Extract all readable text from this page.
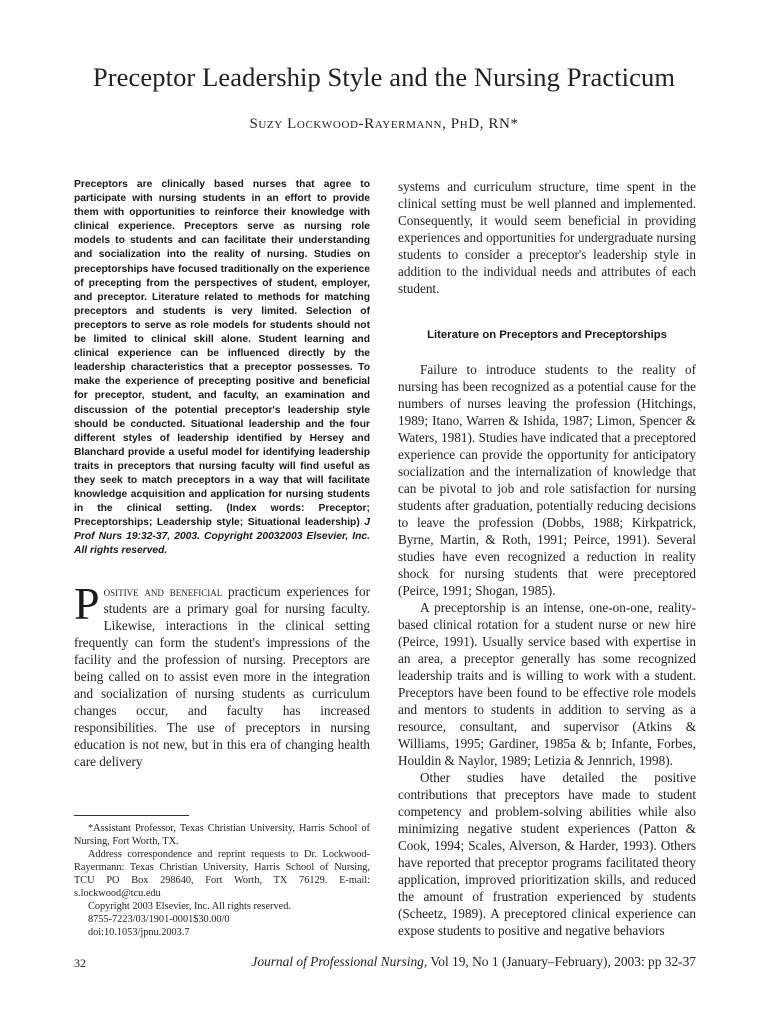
Preceptor Leadership Style and the Nursing Practicum
Suzy Lockwood-Rayermann, PhD, RN*

Preceptors are clinically based nurses that agree to participate with nursing students in an effort to provide them with opportunities to reinforce their knowledge with clinical experience. Preceptors serve as nursing role models to students and can facilitate their understanding and socialization into the reality of nursing. Studies on preceptorships have focused traditionally on the experience of precepting from the perspectives of student, employer, and preceptor. Literature related to methods for matching preceptors and students is very limited. Selection of preceptors to serve as role models for students should not be limited to clinical skill alone. Student learning and clinical experience can be influenced directly by the leadership characteristics that a preceptor possesses. To make the experience of precepting positive and beneficial for preceptor, student, and faculty, an examination and discussion of the potential preceptor's leadership style should be conducted. Situational leadership and the four different styles of leadership identified by Hersey and Blanchard provide a useful model for identifying leadership traits in preceptors that nursing faculty will find useful as they seek to match preceptors in a way that will facilitate knowledge acquisition and application for nursing students in the clinical setting. (Index words: Preceptor; Preceptorships; Leadership style; Situational leadership) J Prof Nurs 19:32-37, 2003. Copyright 20032003 Elsevier, Inc. All rights reserved.

Positive and beneficial practicum experiences for students are a primary goal for nursing faculty. Likewise, interactions in the clinical setting frequently can form the student's impressions of the facility and the profession of nursing. Preceptors are being called on to assist even more in the integration and socialization of nursing students as curriculum changes occur, and faculty has increased responsibilities. The use of preceptors in nursing education is not new, but in this era of changing health care delivery

systems and curriculum structure, time spent in the clinical setting must be well planned and implemented. Consequently, it would seem beneficial in providing experiences and opportunities for undergraduate nursing students to consider a preceptor's leadership style in addition to the individual needs and attributes of each student.

Literature on Preceptors and Preceptorships

Failure to introduce students to the reality of nursing has been recognized as a potential cause for the numbers of nurses leaving the profession (Hitchings, 1989; Itano, Warren & Ishida, 1987; Limon, Spencer & Waters, 1981). Studies have indicated that a preceptored experience can provide the opportunity for anticipatory socialization and the internalization of knowledge that can be pivotal to job and role satisfaction for nursing students after graduation, potentially reducing decisions to leave the profession (Dobbs, 1988; Kirkpatrick, Byrne, Martin, & Roth, 1991; Peirce, 1991). Several studies have even recognized a reduction in reality shock for nursing students that were preceptored (Peirce, 1991; Shogan, 1985).

A preceptorship is an intense, one-on-one, reality-based clinical rotation for a student nurse or new hire (Peirce, 1991). Usually service based with expertise in an area, a preceptor generally has some recognized leadership traits and is willing to work with a student. Preceptors have been found to be effective role models and mentors to students in addition to serving as a resource, consultant, and supervisor (Atkins & Williams, 1995; Gardiner, 1985a & b; Infante, Forbes, Houldin & Naylor, 1989; Letizia & Jennrich, 1998).

Other studies have detailed the positive contributions that preceptors have made to student competency and problem-solving abilities while also minimizing negative student experiences (Patton & Cook, 1994; Scales, Alverson, & Harder, 1993). Others have reported that preceptor programs facilitated theory application, improved prioritization skills, and reduced the amount of frustration experienced by students (Scheetz, 1989). A preceptored clinical experience can expose students to positive and negative behaviors

*Assistant Professor, Texas Christian University, Harris School of Nursing, Fort Worth, TX.

Address correspondence and reprint requests to Dr. Lockwood-Rayermann: Texas Christian University, Harris School of Nursing, TCU PO Box 298640, Fort Worth, TX 76129. E-mail: s.lockwood@tcu.edu

Copyright 2003 Elsevier, Inc. All rights reserved.

8755-7223/03/1901-0001$30.00/0

doi:10.1053/jpnu.2003.7

32	Journal of Professional Nursing, Vol 19, No 1 (January–February), 2003: pp 32-37
